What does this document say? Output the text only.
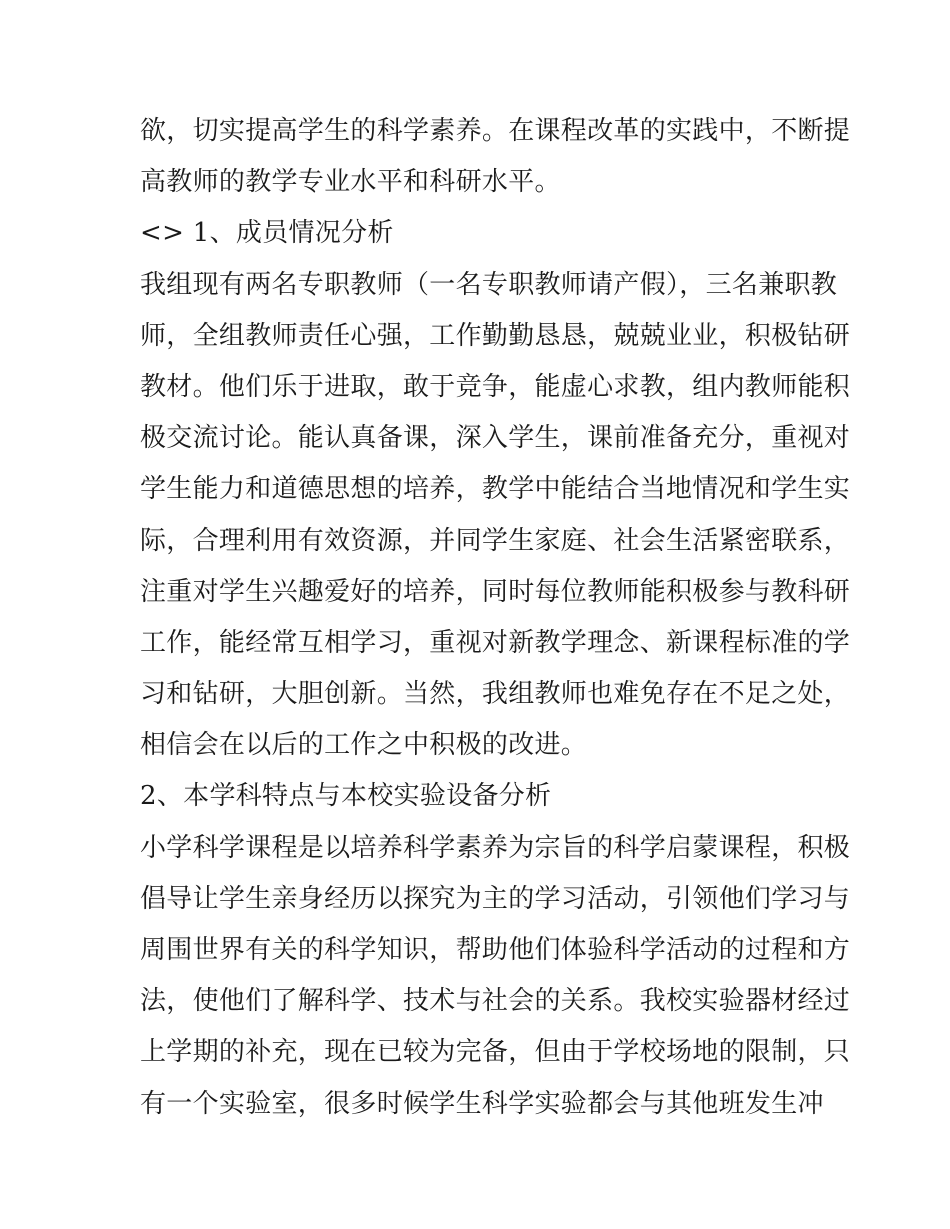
欲，切实提高学生的科学素养。在课程改革的实践中，不断提
高教师的教学专业水平和科研水平。
<> 1、成员情况分析
我组现有两名专职教师（一名专职教师请产假），三名兼职教
师，全组教师责任心强，工作勤勤恳恳，兢兢业业，积极钻研
教材。他们乐于进取，敢于竞争，能虚心求教，组内教师能积
极交流讨论。能认真备课，深入学生，课前准备充分，重视对
学生能力和道德思想的培养，教学中能结合当地情况和学生实
际，合理利用有效资源，并同学生家庭、社会生活紧密联系，
注重对学生兴趣爱好的培养，同时每位教师能积极参与教科研
工作，能经常互相学习，重视对新教学理念、新课程标准的学
习和钻研，大胆创新。当然，我组教师也难免存在不足之处，
相信会在以后的工作之中积极的改进。
2、本学科特点与本校实验设备分析
小学科学课程是以培养科学素养为宗旨的科学启蒙课程，积极
倡导让学生亲身经历以探究为主的学习活动，引领他们学习与
周围世界有关的科学知识，帮助他们体验科学活动的过程和方
法，使他们了解科学、技术与社会的关系。我校实验器材经过
上学期的补充，现在已较为完备，但由于学校场地的限制，只
有一个实验室，很多时候学生科学实验都会与其他班发生冲
